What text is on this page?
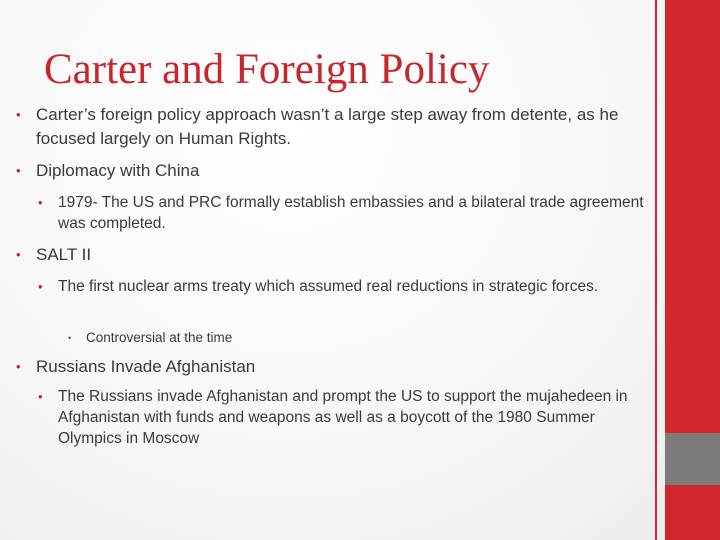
Carter and Foreign Policy
• Carter’s foreign policy approach wasn’t a large step away from detente, as he focused largely on Human Rights.
• Diplomacy with China
• 1979- The US and PRC formally establish embassies and a bilateral trade agreement was completed.
• SALT II
• The first nuclear arms treaty which assumed real reductions in strategic forces.
•	Controversial at the time
• Russians Invade Afghanistan
• The Russians invade Afghanistan and prompt the US to support the mujahedeen in Afghanistan with funds and weapons as well as a boycott of the 1980 Summer Olympics in Moscow
